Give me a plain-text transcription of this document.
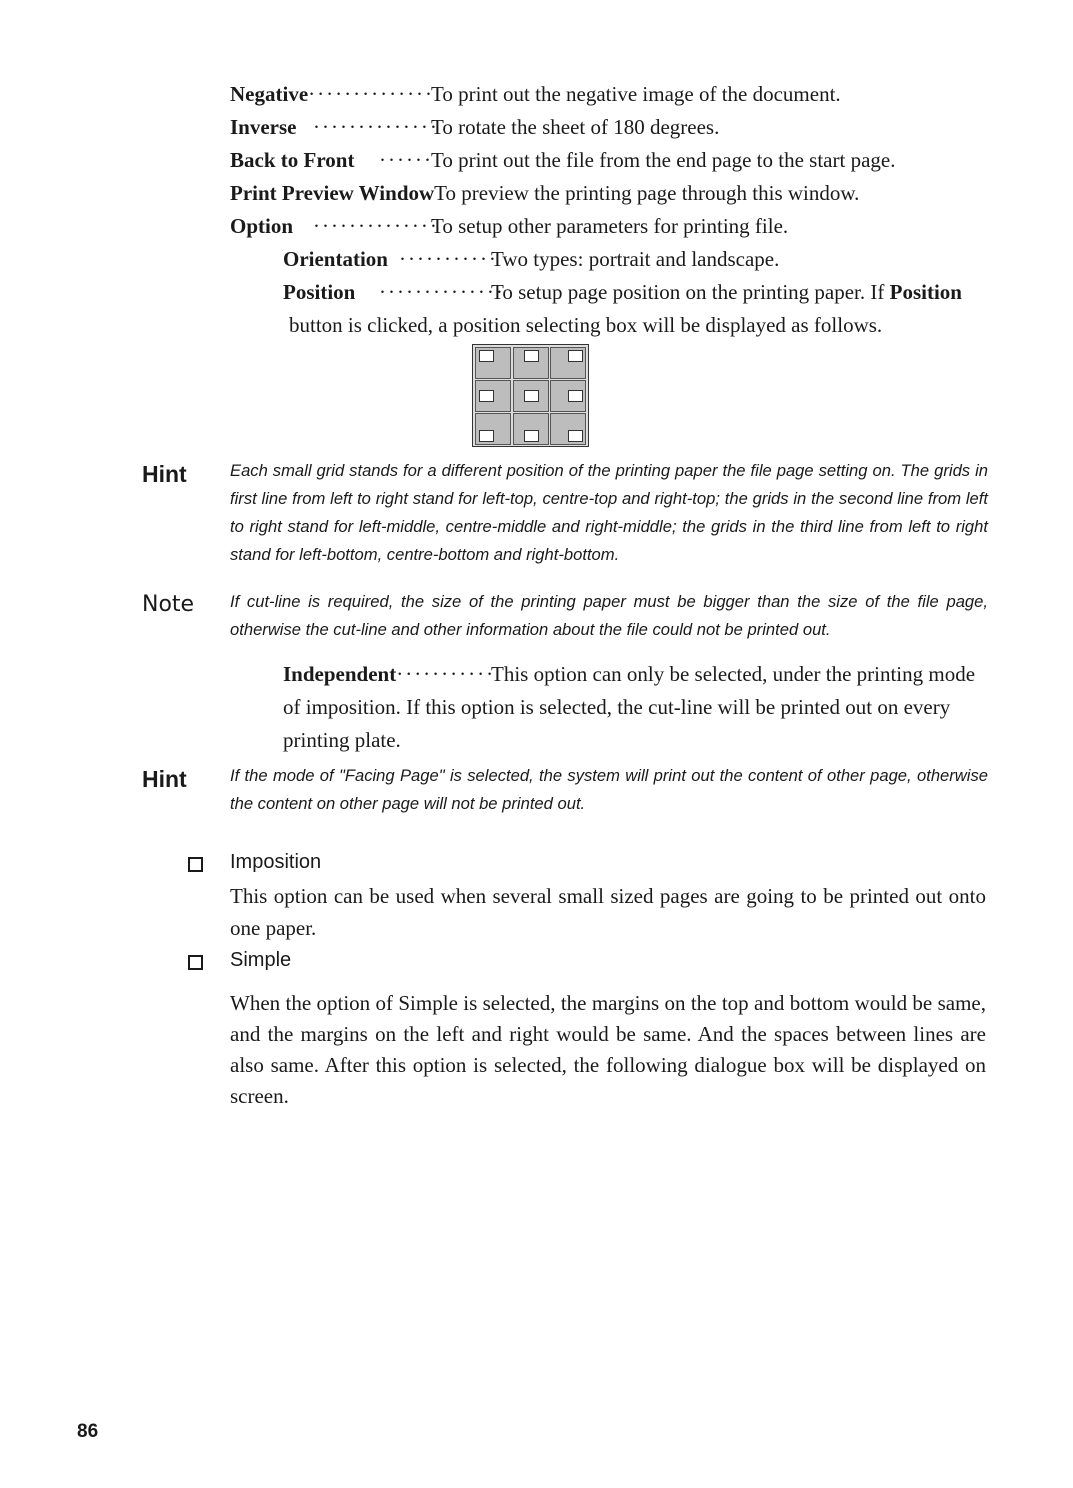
Negative··············
To print out the negative image of the document.
Inverse ··············
To rotate the sheet of 180 degrees.
Back to Front ······
To print out the file from the end page to the start page.
Print Preview WindowTo preview the printing page through this window.
Option ··············
To setup other parameters for printing file.
Orientation ···········
Two types: portrait and landscape.
Position ··············
To setup page position on the printing paper. If Position
button is clicked, a position selecting box will be displayed as follows.
Hint	Each small grid stands for a different position of the printing paper the file page setting on. The grids in first line from left to right stand for left-top, centre-top and right-top; the grids in the second line from left to right stand for left-middle, centre-middle and right-middle; the grids in the third line from left to right stand for left-bottom, centre-bottom and right-bottom.
Note If cut-line is required, the size of the printing paper must be bigger than the size of the file page, otherwise the cut-line and other information about the file could not be printed out.
Independent···········
This option can only be selected, under the printing mode
of imposition. If this option is selected, the cut-line will be printed out on every
printing plate.
Hint	If the mode of "Facing Page" is selected, the system will print out the content of other page, otherwise the content on other page will not be printed out.
Imposition
This option can be used when several small sized pages are going to be printed out onto one paper.
Simple
When the option of Simple is selected, the margins on the top and bottom would be same, and the margins on the left and right would be same. And the spaces between lines are also same. After this option is selected, the following dialogue box will be displayed on screen.
86
